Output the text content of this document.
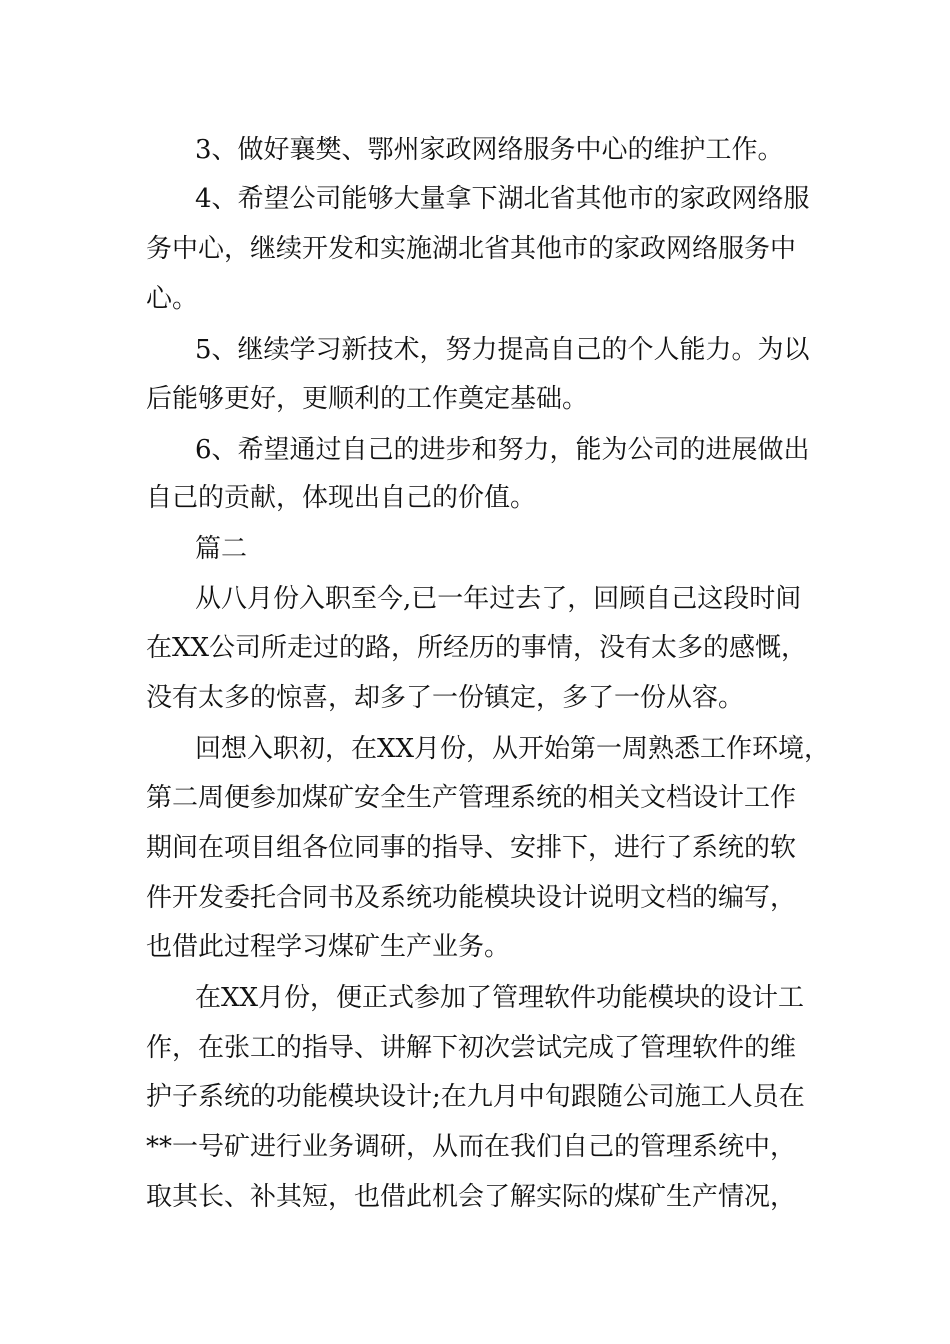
3、做好襄樊、鄂州家政网络服务中心的维护工作。

4、希望公司能够大量拿下湖北省其他市的家政网络服

务中心，继续开发和实施湖北省其他市的家政网络服务中

心。

5、继续学习新技术，努力提高自己的个人能力。为以

后能够更好，更顺利的工作奠定基础。

6、希望通过自己的进步和努力，能为公司的进展做出

自己的贡献，体现出自己的价值。

篇二

从八月份入职至今,已一年过去了，回顾自己这段时间

在XX公司所走过的路，所经历的事情，没有太多的感慨，

没有太多的惊喜，却多了一份镇定，多了一份从容。

回想入职初，在XX月份，从开始第一周熟悉工作环境，

第二周便参加煤矿安全生产管理系统的相关文档设计工作

期间在项目组各位同事的指导、安排下，进行了系统的软

件开发委托合同书及系统功能模块设计说明文档的编写，

也借此过程学习煤矿生产业务。

在XX月份，便正式参加了管理软件功能模块的设计工

作，在张工的指导、讲解下初次尝试完成了管理软件的维

护子系统的功能模块设计;在九月中旬跟随公司施工人员在

**一号矿进行业务调研，从而在我们自己的管理系统中，

取其长、补其短，也借此机会了解实际的煤矿生产情况，
